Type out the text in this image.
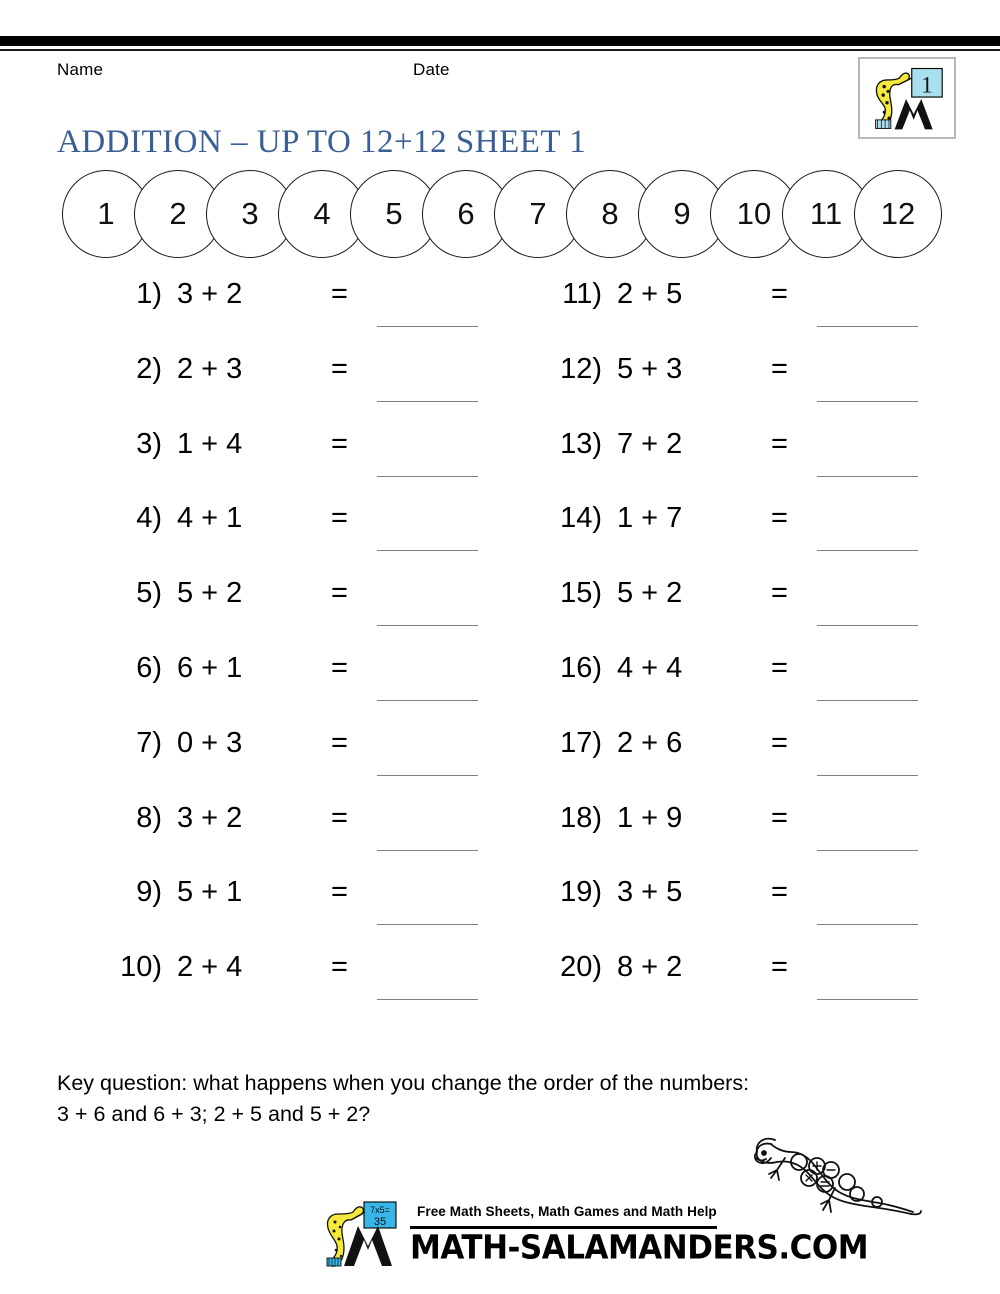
Name	Date
1
ADDITION – UP TO 12+12 SHEET 1
1	2	3	4	5	6	7	8	9	10	11	12
1) 3 + 2	=
2) 2 + 3	=
3) 1 + 4	=
4) 4 + 1	=
5) 5 + 2	=
6) 6 + 1	=
7) 0 + 3	=
8) 3 + 2	=
9) 5 + 1	=
10) 2 + 4	=
11) 2 + 5	=
12) 5 + 3	=
13) 7 + 2	=
14) 1 + 7	=
15) 5 + 2	=
16) 4 + 4	=
17) 2 + 6	=
18) 1 + 9	=
19) 3 + 5	=
20) 8 + 2	=
Key question: what happens when you change the order of the numbers:
3 + 6 and 6 + 3; 2 + 5 and 5 + 2?
7x5=
35
Free Math Sheets, Math Games and Math Help
MATH-SALAMANDERS.COM
